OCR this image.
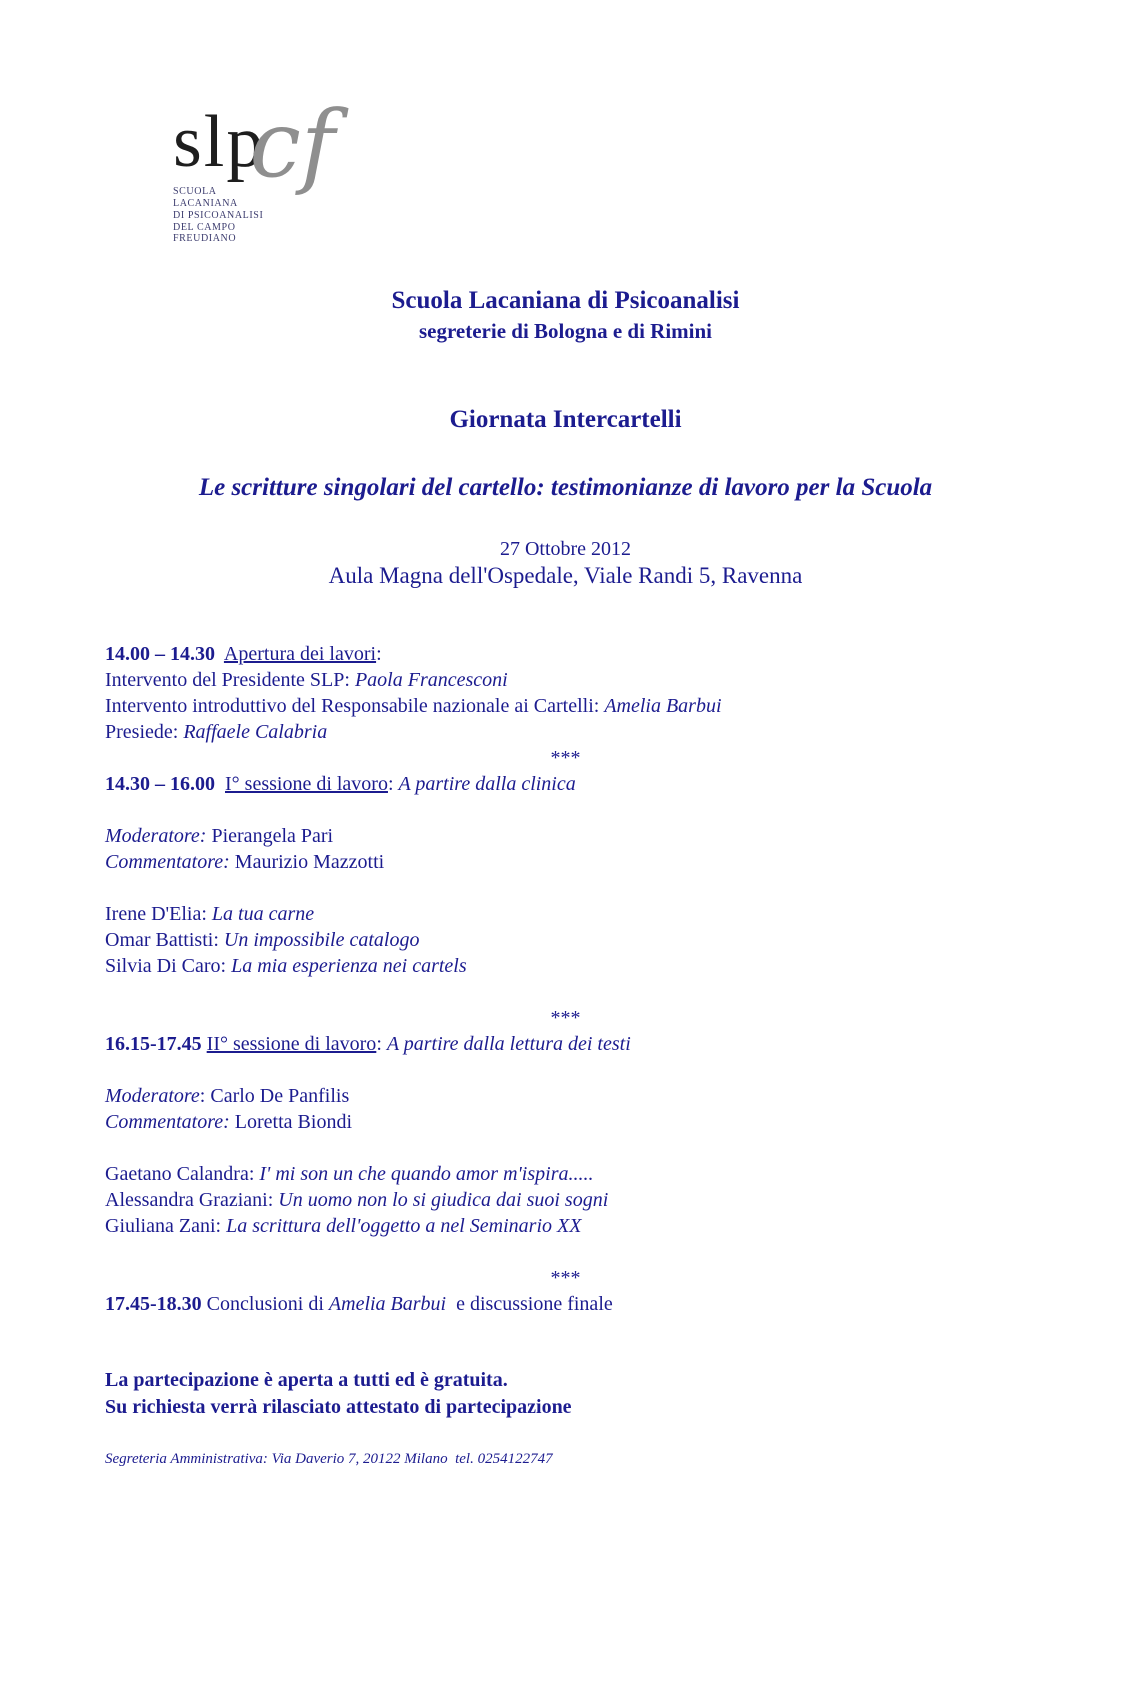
slpcf
SCUOLA
LACANIANA
DI PSICOANALISI
DEL CAMPO FREUDIANO
Scuola Lacaniana di Psicoanalisi
segreterie di Bologna e di Rimini
Giornata Intercartelli
Le scritture singolari del cartello: testimonianze di lavoro per la Scuola
27 Ottobre 2012
Aula Magna dell'Ospedale, Viale Randi 5, Ravenna
14.00 – 14.30 Apertura dei lavori:
Intervento del Presidente SLP: Paola Francesconi
Intervento introduttivo del Responsabile nazionale ai Cartelli: Amelia Barbui
Presiede: Raffaele Calabria
***
14.30 – 16.00 I° sessione di lavoro: A partire dalla clinica

Moderatore: Pierangela Pari
Commentatore: Maurizio Mazzotti

Irene D'Elia: La tua carne
Omar Battisti: Un impossibile catalogo
Silvia Di Caro: La mia esperienza nei cartels

***
16.15-17.45 II° sessione di lavoro: A partire dalla lettura dei testi

Moderatore: Carlo De Panfilis
Commentatore: Loretta Biondi

Gaetano Calandra: I' mi son un che quando amor m'ispira.....
Alessandra Graziani: Un uomo non lo si giudica dai suoi sogni
Giuliana Zani: La scrittura dell'oggetto a nel Seminario XX

***
17.45-18.30 Conclusioni di Amelia Barbui  e discussione finale
La partecipazione è aperta a tutti ed è gratuita.
Su richiesta verrà rilasciato attestato di partecipazione
Segreteria Amministrativa: Via Daverio 7, 20122 Milano  tel. 0254122747
